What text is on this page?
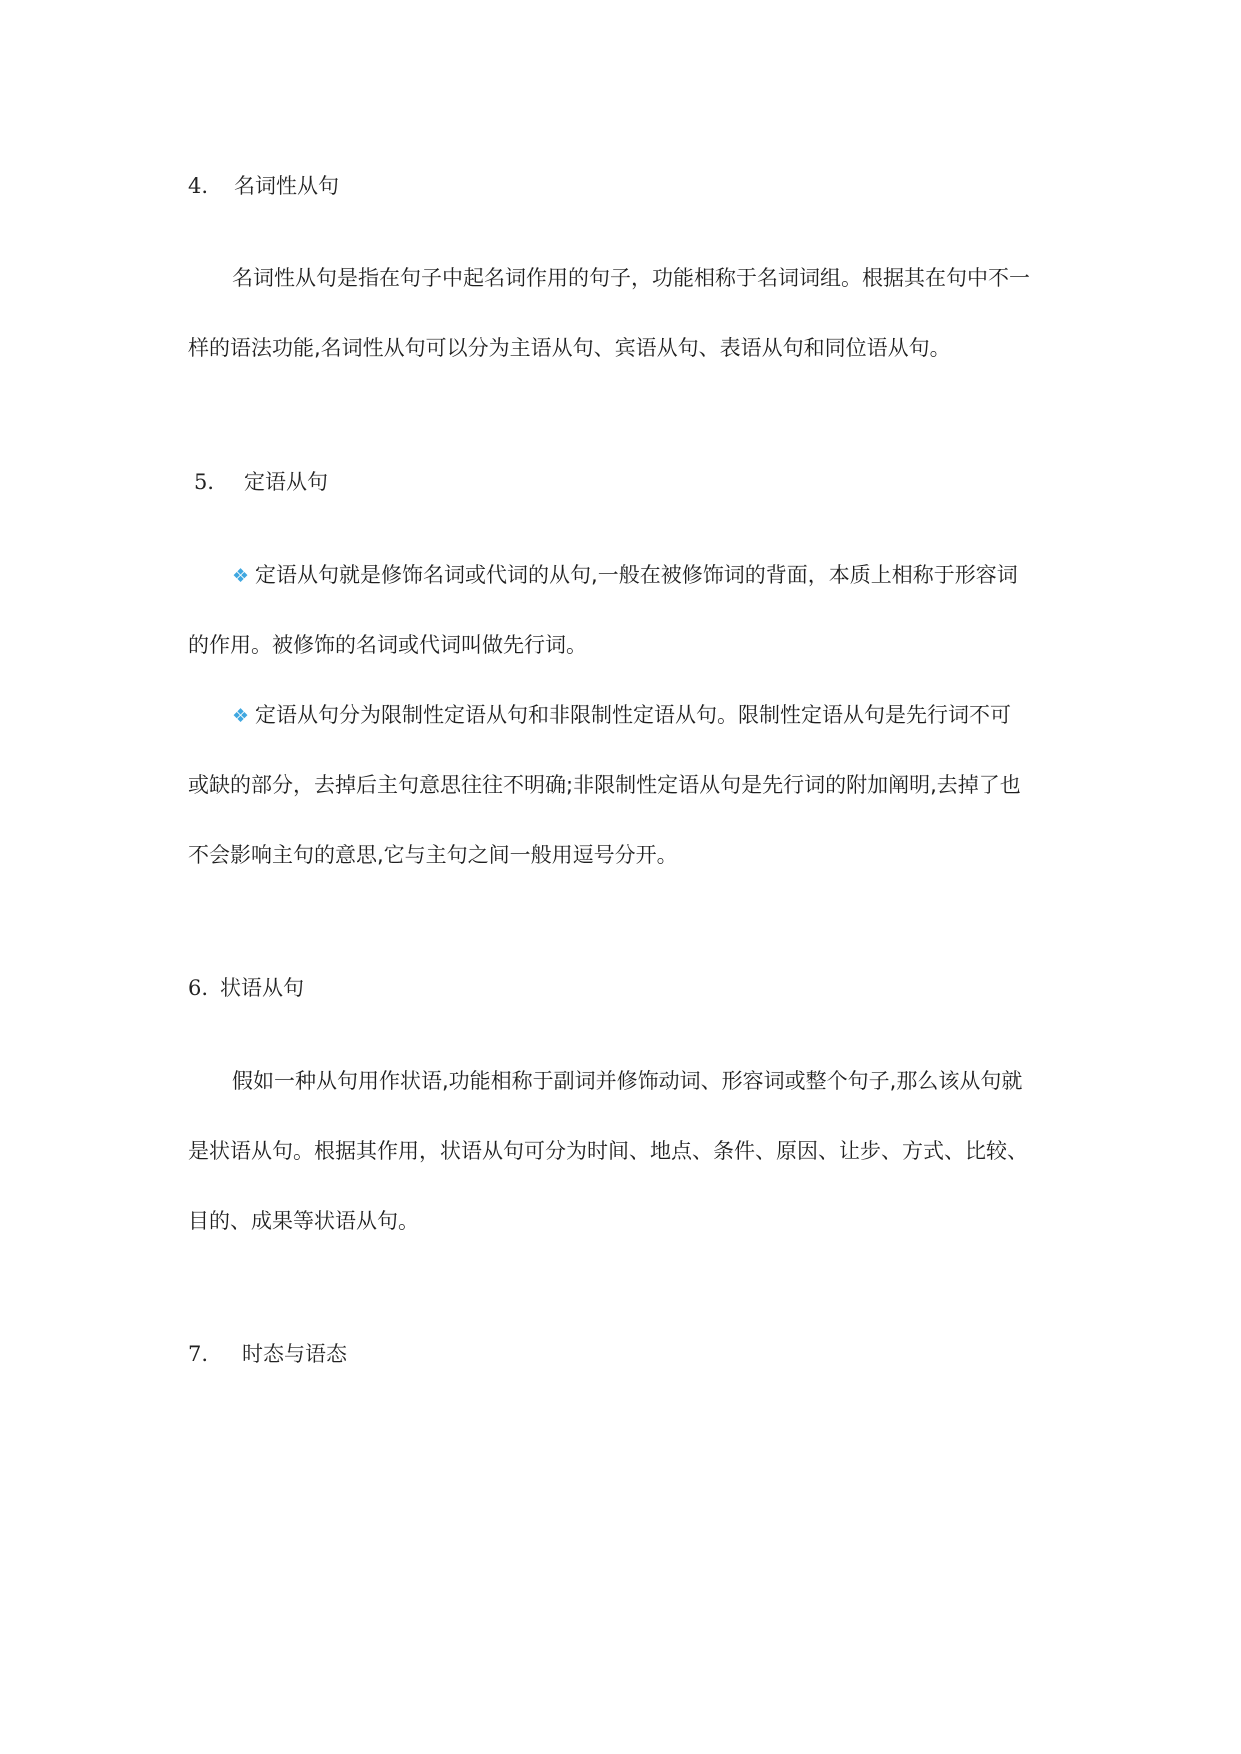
4. 名词性从句
名词性从句是指在句子中起名词作用的句子，功能相称于名词词组。根据其在句中不一
样的语法功能,名词性从句可以分为主语从句、宾语从句、表语从句和同位语从句。
5． 定语从句
❖ 定语从句就是修饰名词或代词的从句,一般在被修饰词的背面，本质上相称于形容词
的作用。被修饰的名词或代词叫做先行词。
❖ 定语从句分为限制性定语从句和非限制性定语从句。限制性定语从句是先行词不可
或缺的部分，去掉后主句意思往往不明确;非限制性定语从句是先行词的附加阐明,去掉了也
不会影响主句的意思,它与主句之间一般用逗号分开。
6. 状语从句
假如一种从句用作状语,功能相称于副词并修饰动词、形容词或整个句子,那么该从句就
是状语从句。根据其作用，状语从句可分为时间、地点、条件、原因、让步、方式、比较、
目的、成果等状语从句。
7. 时态与语态
